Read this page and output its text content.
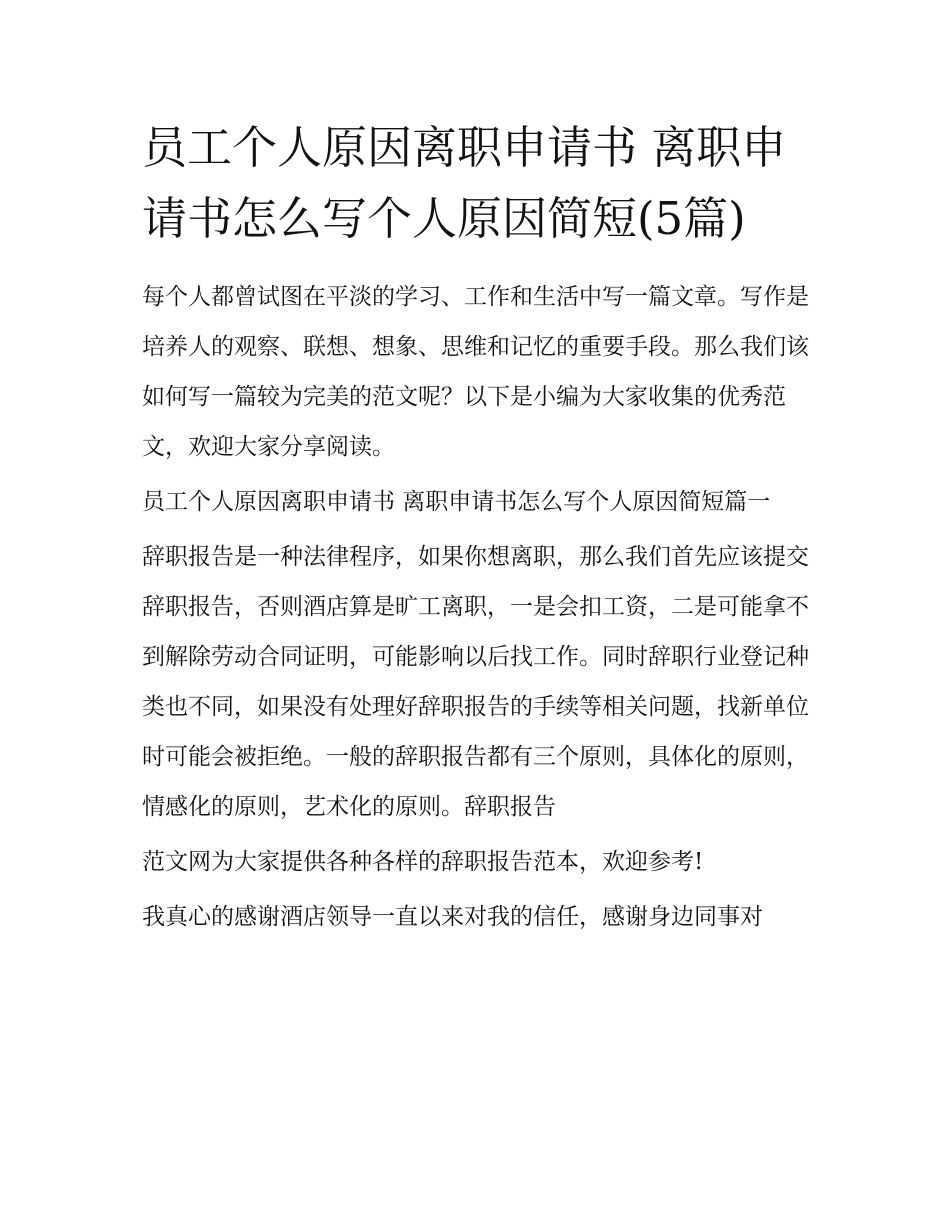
员工个人原因离职申请书 离职申请书怎么写个人原因简短(5篇)

每个人都曾试图在平淡的学习、工作和生活中写一篇文章。写作是培养人的观察、联想、想象、思维和记忆的重要手段。那么我们该如何写一篇较为完美的范文呢？以下是小编为大家收集的优秀范文，欢迎大家分享阅读。

员工个人原因离职申请书 离职申请书怎么写个人原因简短篇一

辞职报告是一种法律程序，如果你想离职，那么我们首先应该提交辞职报告，否则酒店算是旷工离职，一是会扣工资，二是可能拿不到解除劳动合同证明，可能影响以后找工作。同时辞职行业登记种类也不同，如果没有处理好辞职报告的手续等相关问题，找新单位时可能会被拒绝。一般的辞职报告都有三个原则，具体化的原则，情感化的原则，艺术化的原则。辞职报告

范文网为大家提供各种各样的辞职报告范本，欢迎参考!

我真心的感谢酒店领导一直以来对我的信任，感谢身边同事对
